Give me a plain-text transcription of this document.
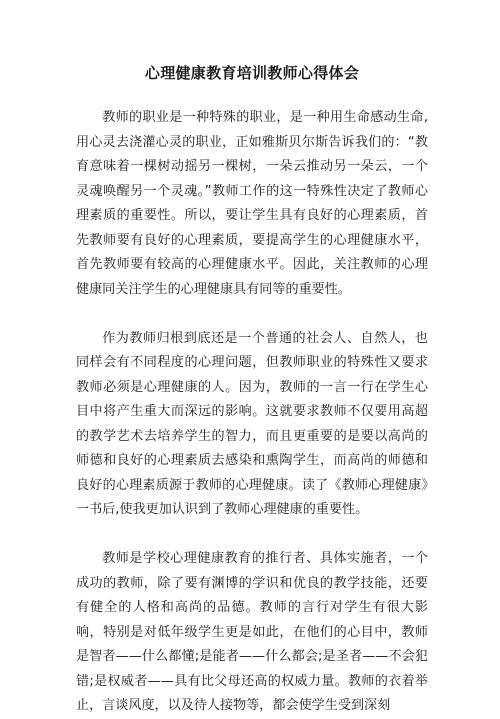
心理健康教育培训教师心得体会

教师的职业是一种特殊的职业，是一种用生命感动生命,用心灵去浇灌心灵的职业，正如雅斯贝尔斯告诉我们的：“教育意味着一棵树动摇另一棵树，一朵云推动另一朵云，一个灵魂唤醒另一个灵魂。”教师工作的这一特殊性决定了教师心理素质的重要性。所以，要让学生具有良好的心理素质，首先教师要有良好的心理素质，要提高学生的心理健康水平，首先教师要有较高的心理健康水平。因此，关注教师的心理健康同关注学生的心理健康具有同等的重要性。

作为教师归根到底还是一个普通的社会人、自然人，也同样会有不同程度的心理问题，但教师职业的特殊性又要求教师必须是心理健康的人。因为，教师的一言一行在学生心目中将产生重大而深远的影响。这就要求教师不仅要用高超的教学艺术去培养学生的智力，而且更重要的是要以高尚的师德和良好的心理素质去感染和熏陶学生，而高尚的师德和良好的心理素质源于教师的心理健康。读了《教师心理健康》一书后,使我更加认识到了教师心理健康的重要性。

教师是学校心理健康教育的推行者、具体实施者，一个成功的教师，除了要有渊博的学识和优良的教学技能，还要有健全的人格和高尚的品德。教师的言行对学生有很大影响，特别是对低年级学生更是如此，在他们的心目中，教师是智者——什么都懂;是能者——什么都会;是圣者——不会犯错;是权威者——具有比父母还高的权威力量。教师的衣着举止，言谈风度，以及待人接物等，都会使学生受到深刻
